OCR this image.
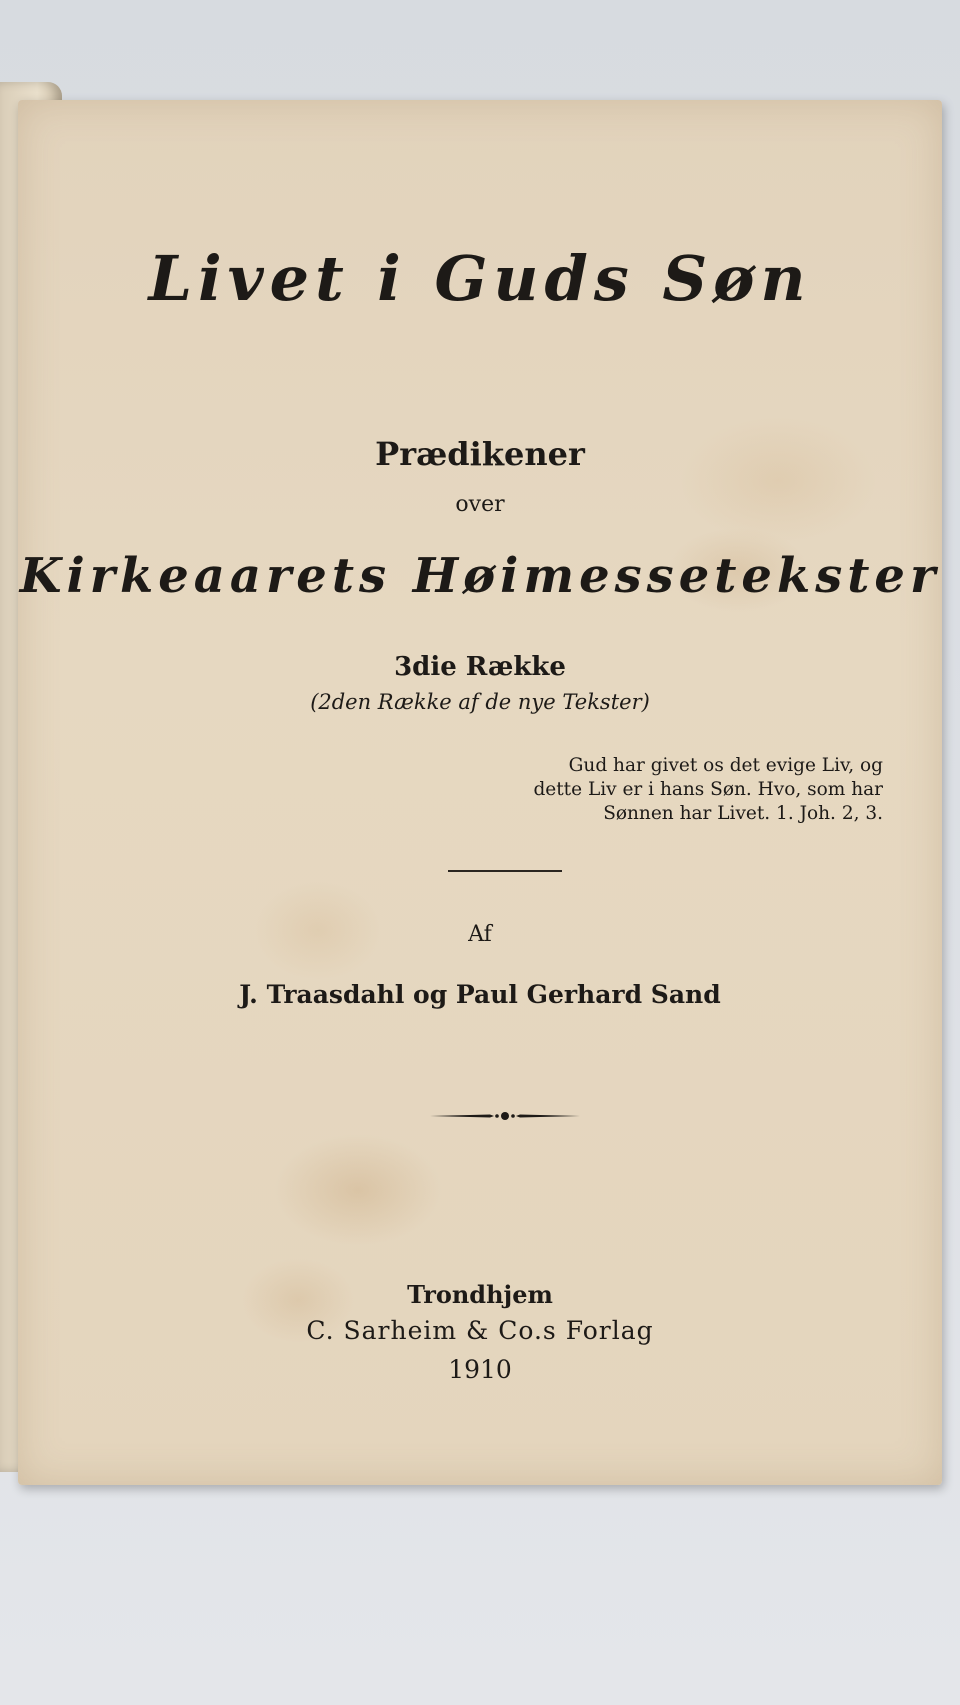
Livet i Guds Søn
Prædikener
over
Kirkeaarets Høimessetekster
3die Række
(2den Række af de nye Tekster)
Gud har givet os det evige Liv, og
dette Liv er i hans Søn. Hvo, som har
Sønnen har Livet. 1. Joh. 2, 3.
Af
J. Traasdahl og Paul Gerhard Sand
Trondhjem
C. Sarheim & Co.s Forlag
1910
